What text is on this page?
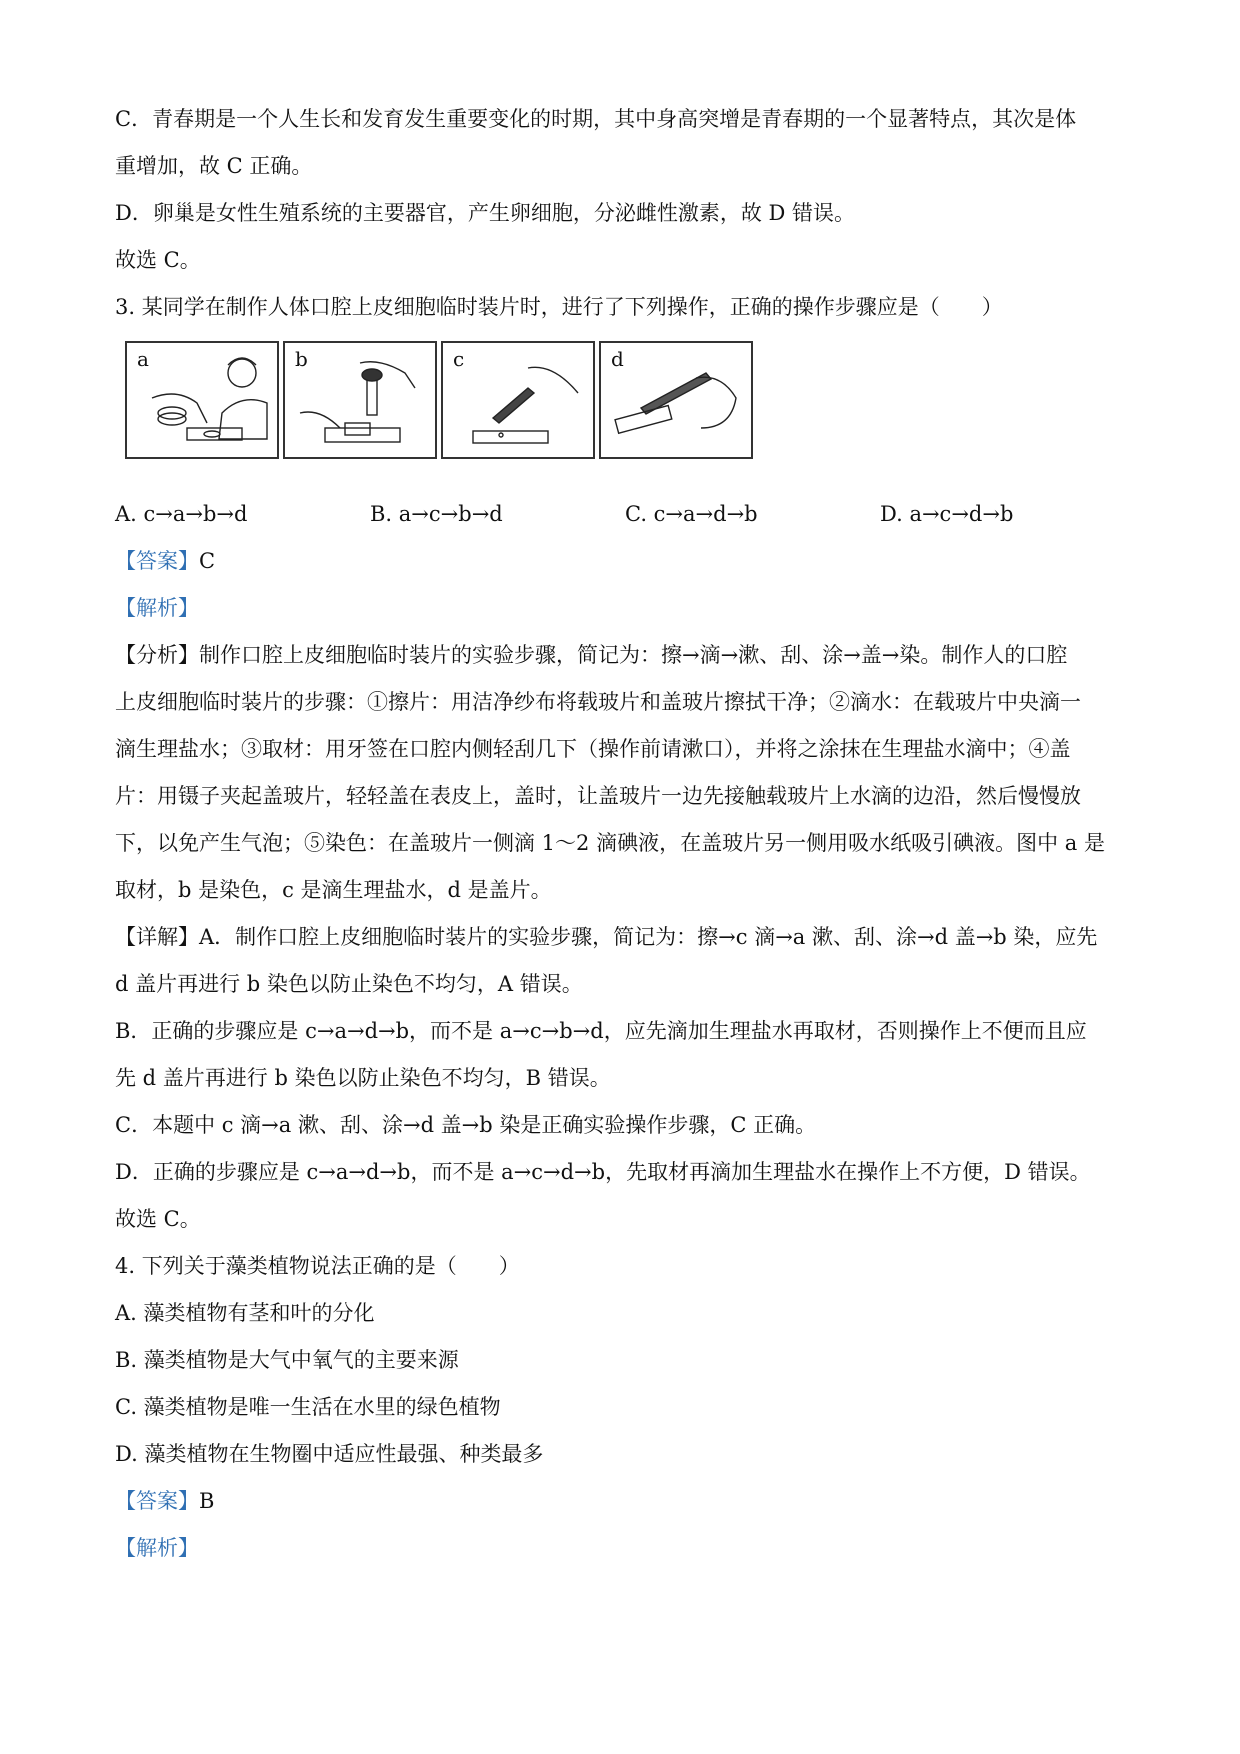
C．青春期是一个人生长和发育发生重要变化的时期，其中身高突增是青春期的一个显著特点，其次是体
重增加，故 C 正确。
D．卵巢是女性生殖系统的主要器官，产生卵细胞，分泌雌性激素，故 D 错误。
故选 C。
3. 某同学在制作人体口腔上皮细胞临时装片时，进行了下列操作，正确的操作步骤应是（　　）
a	b	c	d
A. c→a→b→d	B. a→c→b→d	C. c→a→d→b	D. a→c→d→b
【答案】C
【解析】
【分析】制作口腔上皮细胞临时装片的实验步骤，简记为：擦→滴→漱、刮、涂→盖→染。制作人的口腔
上皮细胞临时装片的步骤：①擦片：用洁净纱布将载玻片和盖玻片擦拭干净；②滴水：在载玻片中央滴一
滴生理盐水；③取材：用牙签在口腔内侧轻刮几下（操作前请漱口），并将之涂抹在生理盐水滴中；④盖
片：用镊子夹起盖玻片，轻轻盖在表皮上，盖时，让盖玻片一边先接触载玻片上水滴的边沿，然后慢慢放
下，以免产生气泡；⑤染色：在盖玻片一侧滴 1～2 滴碘液，在盖玻片另一侧用吸水纸吸引碘液。图中 a 是
取材，b 是染色，c 是滴生理盐水，d 是盖片。
【详解】A．制作口腔上皮细胞临时装片的实验步骤，简记为：擦→c 滴→a 漱、刮、涂→d 盖→b 染，应先
d 盖片再进行 b 染色以防止染色不均匀，A 错误。
B．正确的步骤应是 c→a→d→b，而不是 a→c→b→d，应先滴加生理盐水再取材，否则操作上不便而且应
先 d 盖片再进行 b 染色以防止染色不均匀，B 错误。
C．本题中 c 滴→a 漱、刮、涂→d 盖→b 染是正确实验操作步骤，C 正确。
D．正确的步骤应是 c→a→d→b，而不是 a→c→d→b，先取材再滴加生理盐水在操作上不方便，D 错误。
故选 C。
4. 下列关于藻类植物说法正确的是（　　）
A. 藻类植物有茎和叶的分化
B. 藻类植物是大气中氧气的主要来源
C. 藻类植物是唯一生活在水里的绿色植物
D. 藻类植物在生物圈中适应性最强、种类最多
【答案】B
【解析】
